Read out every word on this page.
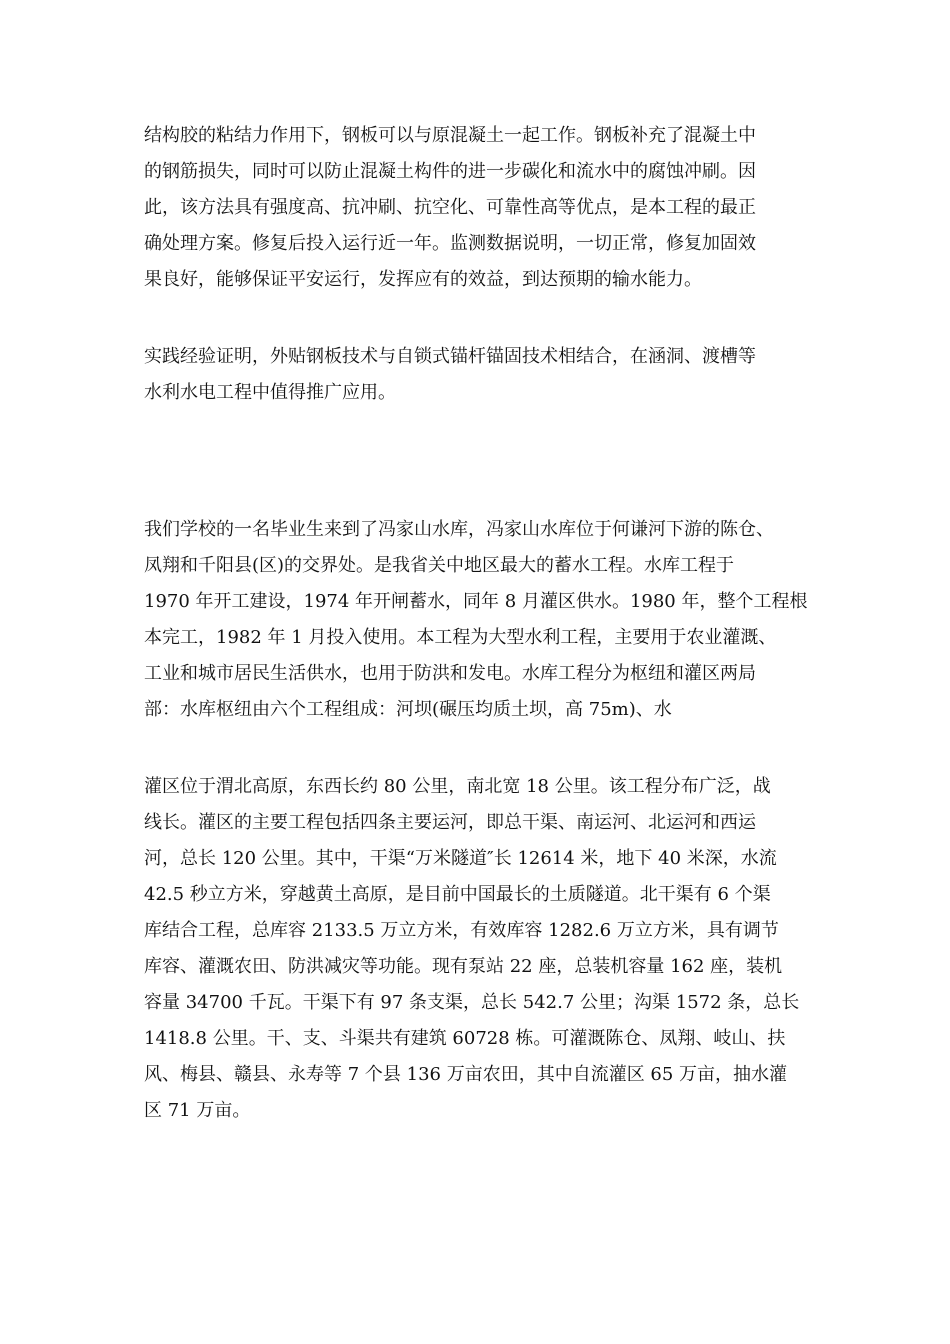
结构胶的粘结力作用下，钢板可以与原混凝土一起工作。钢板补充了混凝土中
的钢筋损失，同时可以防止混凝土构件的进一步碳化和流水中的腐蚀冲刷。因
此，该方法具有强度高、抗冲刷、抗空化、可靠性高等优点，是本工程的最正
确处理方案。修复后投入运行近一年。监测数据说明，一切正常，修复加固效
果良好，能够保证平安运行，发挥应有的效益，到达预期的输水能力。
实践经验证明，外贴钢板技术与自锁式锚杆锚固技术相结合，在涵洞、渡槽等
水利水电工程中值得推广应用。
我们学校的一名毕业生来到了冯家山水库，冯家山水库位于何谦河下游的陈仓、
凤翔和千阳县(区)的交界处。是我省关中地区最大的蓄水工程。水库工程于
1970 年开工建设，1974 年开闸蓄水，同年 8 月灌区供水。1980 年，整个工程根
本完工，1982 年 1 月投入使用。本工程为大型水利工程，主要用于农业灌溉、
工业和城市居民生活供水，也用于防洪和发电。水库工程分为枢纽和灌区两局
部：水库枢纽由六个工程组成：河坝(碾压均质土坝，高 75m)、水
灌区位于渭北高原，东西长约 80 公里，南北宽 18 公里。该工程分布广泛，战
线长。灌区的主要工程包括四条主要运河，即总干渠、南运河、北运河和西运
河，总长 120 公里。其中，干渠“万米隧道″长 12614 米，地下 40 米深，水流
42.5 秒立方米，穿越黄土高原，是目前中国最长的土质隧道。北干渠有 6 个渠
库结合工程，总库容 2133.5 万立方米，有效库容 1282.6 万立方米，具有调节
库容、灌溉农田、防洪减灾等功能。现有泵站 22 座，总装机容量 162 座，装机
容量 34700 千瓦。干渠下有 97 条支渠，总长 542.7 公里；沟渠 1572 条，总长
1418.8 公里。干、支、斗渠共有建筑 60728 栋。可灌溉陈仓、凤翔、岐山、扶
风、梅县、赣县、永寿等 7 个县 136 万亩农田，其中自流灌区 65 万亩，抽水灌
区 71 万亩。
